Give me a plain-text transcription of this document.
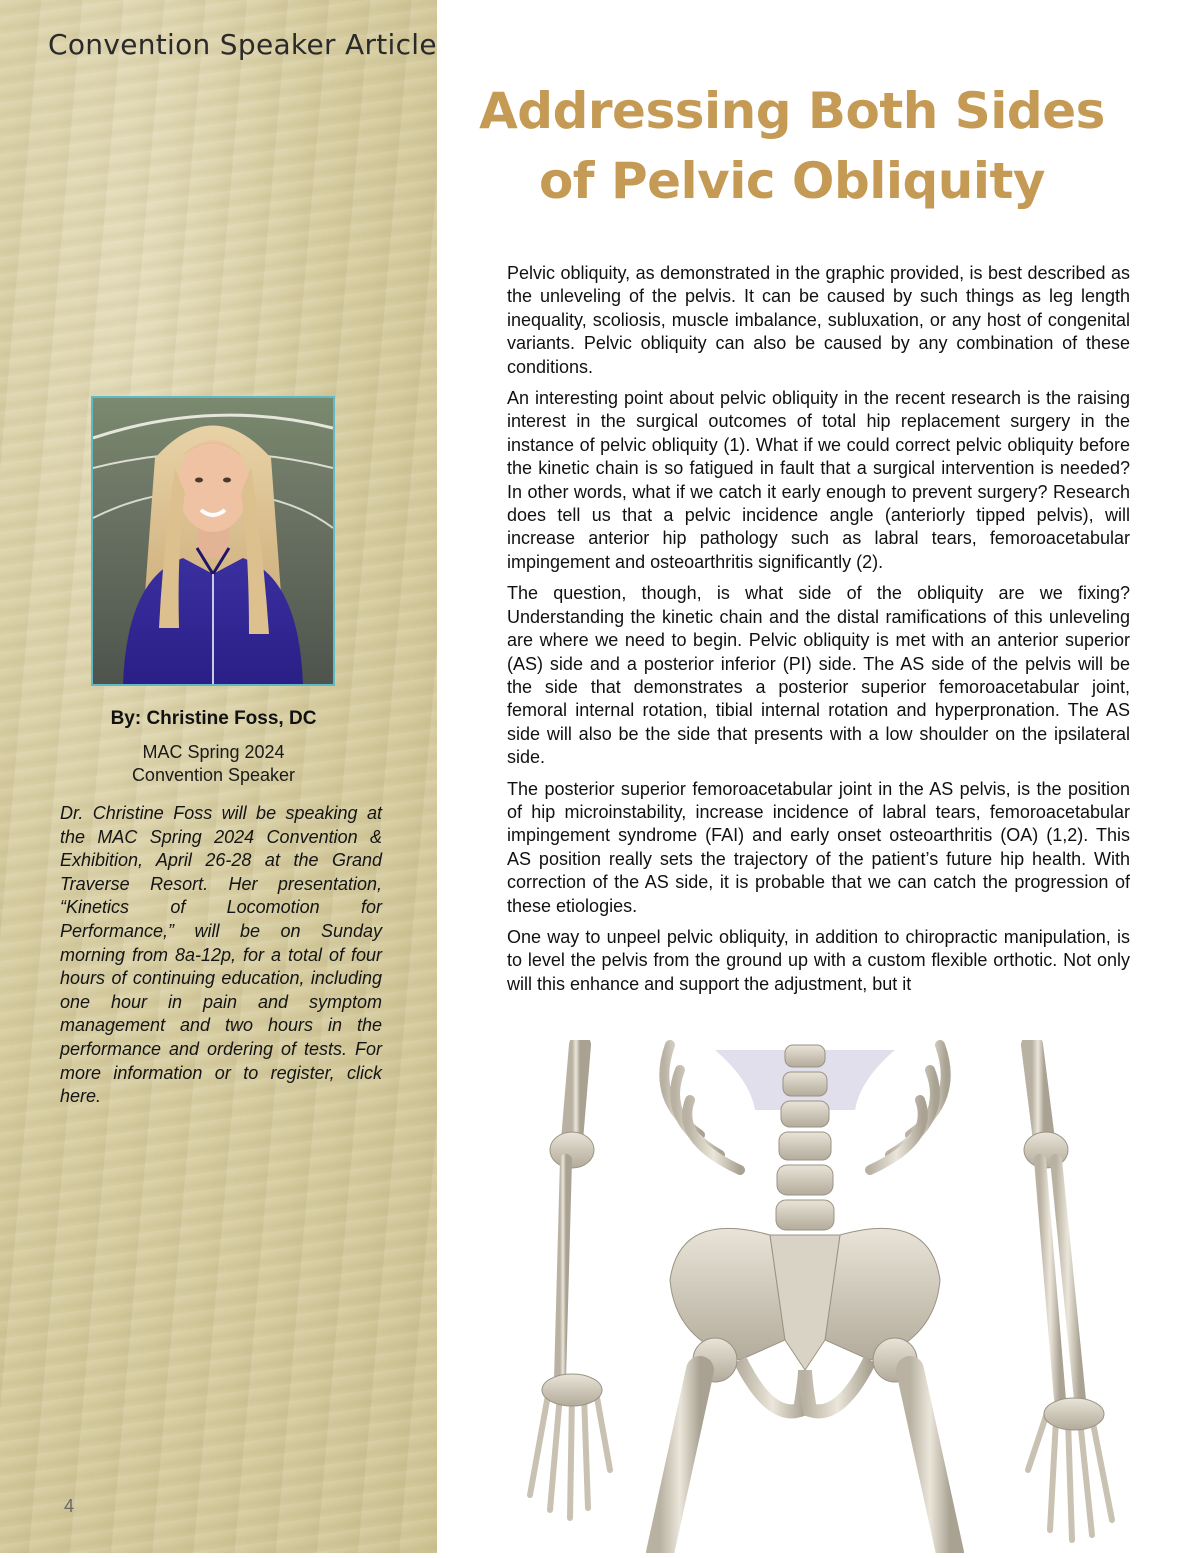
Convention Speaker Article
By: Christine Foss, DC
MAC Spring 2024
Convention Speaker

Dr. Christine Foss will be speaking at the MAC Spring 2024 Convention & Exhibition, April 26-28 at the Grand Traverse Resort. Her presentation, “Kinetics of Locomotion for Performance,” will be on Sunday morning from 8a-12p, for a total of four hours of continuing education, including one hour in pain and symptom management and two hours in the performance and ordering of tests. For more information or to register, click here.

4
Addressing Both Sides
of Pelvic Obliquity

Pelvic obliquity, as demonstrated in the graphic provided, is best described as the unleveling of the pelvis. It can be caused by such things as leg length inequality, scoliosis, muscle imbalance, subluxation, or any host of congenital variants. Pelvic obliquity can also be caused by any combination of these conditions.

An interesting point about pelvic obliquity in the recent research is the raising interest in the surgical outcomes of total hip replacement surgery in the instance of pelvic obliquity (1). What if we could correct pelvic obliquity before the kinetic chain is so fatigued in fault that a surgical intervention is needed? In other words, what if we catch it early enough to prevent surgery? Research does tell us that a pelvic incidence angle (anteriorly tipped pelvis), will increase anterior hip pathology such as labral tears, femoroacetabular impingement and osteoarthritis significantly (2).

The question, though, is what side of the obliquity are we fixing? Understanding the kinetic chain and the distal ramifications of this unleveling are where we need to begin. Pelvic obliquity is met with an anterior superior (AS) side and a posterior inferior (PI) side. The AS side of the pelvis will be the side that demonstrates a posterior superior femoroacetabular joint, femoral internal rotation, tibial internal rotation and hyperpronation. The AS side will also be the side that presents with a low shoulder on the ipsilateral side.

The posterior superior femoroacetabular joint in the AS pelvis, is the position of hip microinstability, increase incidence of labral tears, femoroacetabular impingement syndrome (FAI) and early onset osteoarthritis (OA) (1,2). This AS position really sets the trajectory of the patient’s future hip health. With correction of the AS side, it is probable that we can catch the progression of these etiologies.

One way to unpeel pelvic obliquity, in addition to chiropractic manipulation, is to level the pelvis from the ground up with a custom flexible orthotic. Not only will this enhance and support the adjustment, but it
